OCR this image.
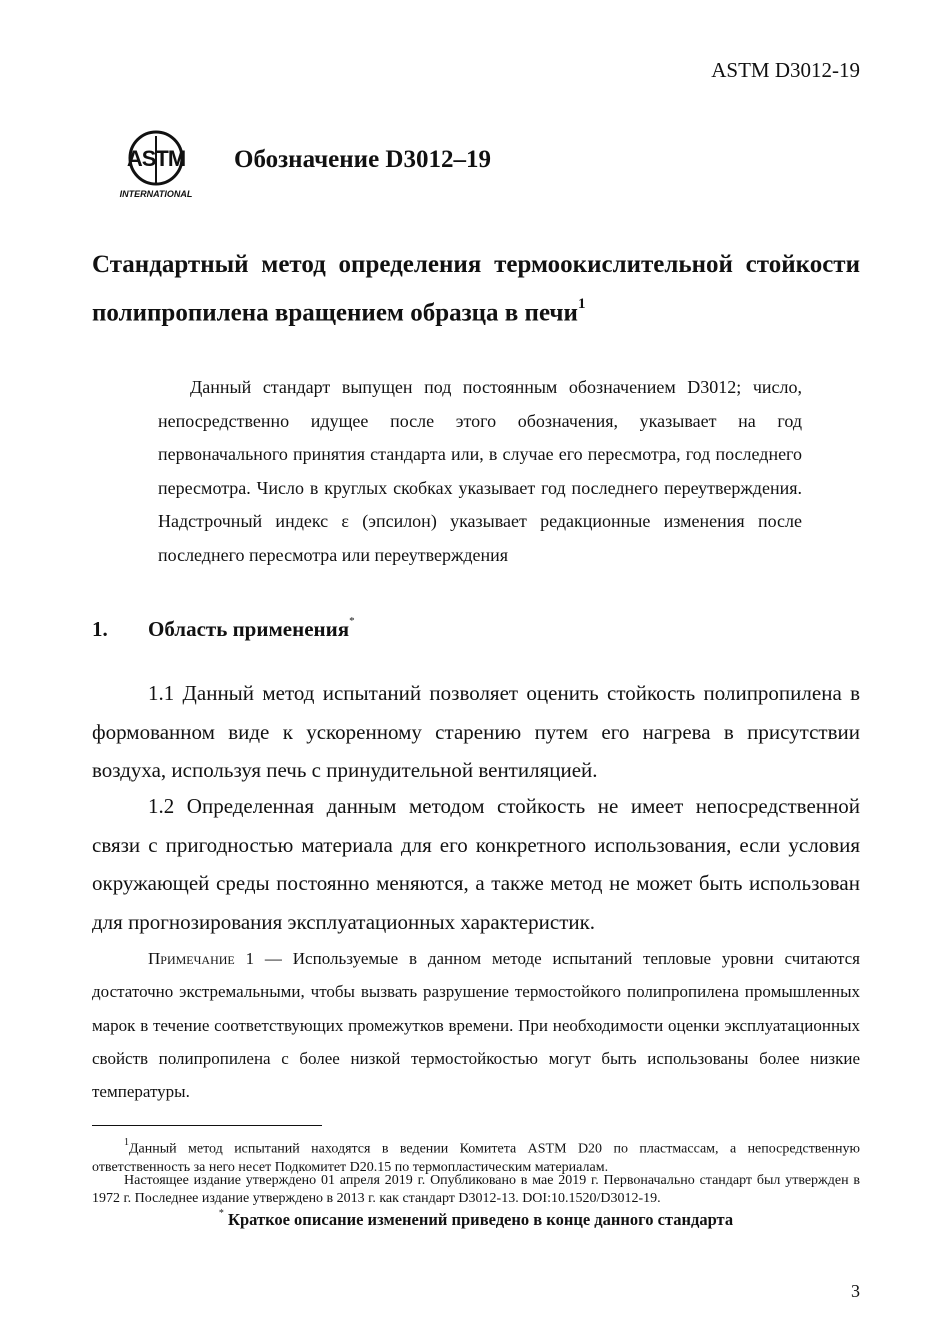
ASTM D3012-19
ASTM
INTERNATIONAL
Обозначение D3012–19
Стандартный метод определения термоокислительной стойкости полипропилена вращением образца в печи$^1$
Данный стандарт выпущен под постоянным обозначением D3012; число, непосредственно идущее после этого обозначения, указывает на год первоначального принятия стандарта или, в случае его пересмотра, год последнего пересмотра. Число в круглых скобках указывает год последнего переутверждения. Надстрочный индекс ε (эпсилон) указывает редакционные изменения после последнего пересмотра или переутверждения
1. Область применения*
1.1 Данный метод испытаний позволяет оценить стойкость полипропилена в формованном виде к ускоренному старению путем его нагрева в присутствии воздуха, используя печь с принудительной вентиляцией.
1.2 Определенная данным методом стойкость не имеет непосредственной связи с пригодностью материала для его конкретного использования, если условия окружающей среды постоянно меняются, а также метод не может быть использован для прогнозирования эксплуатационных характеристик.
Примечание 1 — Используемые в данном методе испытаний тепловые уровни считаются достаточно экстремальными, чтобы вызвать разрушение термостойкого полипропилена промышленных марок в течение соответствующих промежутков времени. При необходимости оценки эксплуатационных свойств полипропилена с более низкой термостойкостью могут быть использованы более низкие температуры.
$^1$Данный метод испытаний находятся в ведении Комитета ASTM D20 по пластмассам, а непосредственную ответственность за него несет Подкомитет D20.15 по термопластическим материалам.
Настоящее издание утверждено 01 апреля 2019 г. Опубликовано в мае 2019 г. Первоначально стандарт был утвержден в 1972 г. Последнее издание утверждено в 2013 г. как стандарт D3012-13. DOI:10.1520/D3012-19.
* Краткое описание изменений приведено в конце данного стандарта
3
